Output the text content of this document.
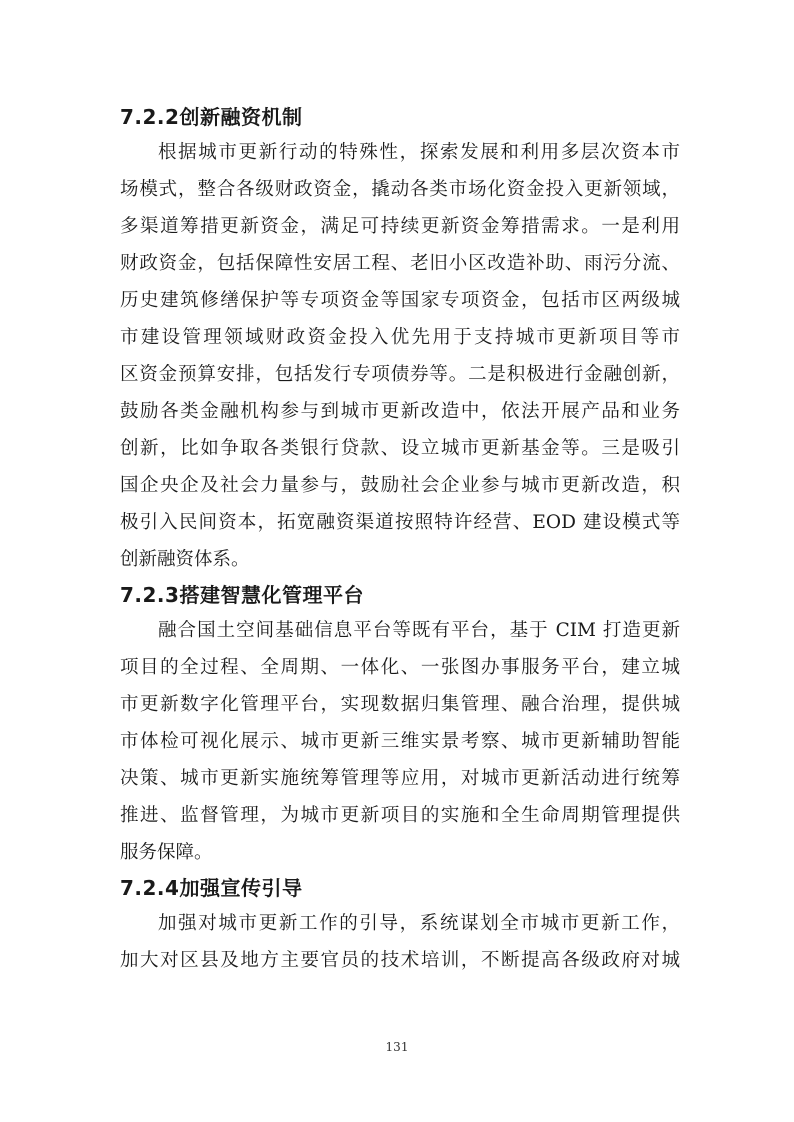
7.2.2创新融资机制
根据城市更新行动的特殊性，探索发展和利用多层次资本市
场模式，整合各级财政资金，撬动各类市场化资金投入更新领域，
多渠道筹措更新资金，满足可持续更新资金筹措需求。一是利用
财政资金，包括保障性安居工程、老旧小区改造补助、雨污分流、
历史建筑修缮保护等专项资金等国家专项资金，包括市区两级城
市建设管理领域财政资金投入优先用于支持城市更新项目等市
区资金预算安排，包括发行专项债券等。二是积极进行金融创新，
鼓励各类金融机构参与到城市更新改造中，依法开展产品和业务
创新，比如争取各类银行贷款、设立城市更新基金等。三是吸引
国企央企及社会力量参与，鼓励社会企业参与城市更新改造，积
极引入民间资本，拓宽融资渠道按照特许经营、EOD 建设模式等
创新融资体系。
7.2.3搭建智慧化管理平台
融合国土空间基础信息平台等既有平台，基于 CIM 打造更新
项目的全过程、全周期、一体化、一张图办事服务平台，建立城
市更新数字化管理平台，实现数据归集管理、融合治理，提供城
市体检可视化展示、城市更新三维实景考察、城市更新辅助智能
决策、城市更新实施统筹管理等应用，对城市更新活动进行统筹
推进、监督管理，为城市更新项目的实施和全生命周期管理提供
服务保障。
7.2.4加强宣传引导
加强对城市更新工作的引导，系统谋划全市城市更新工作，
加大对区县及地方主要官员的技术培训，不断提高各级政府对城
131
